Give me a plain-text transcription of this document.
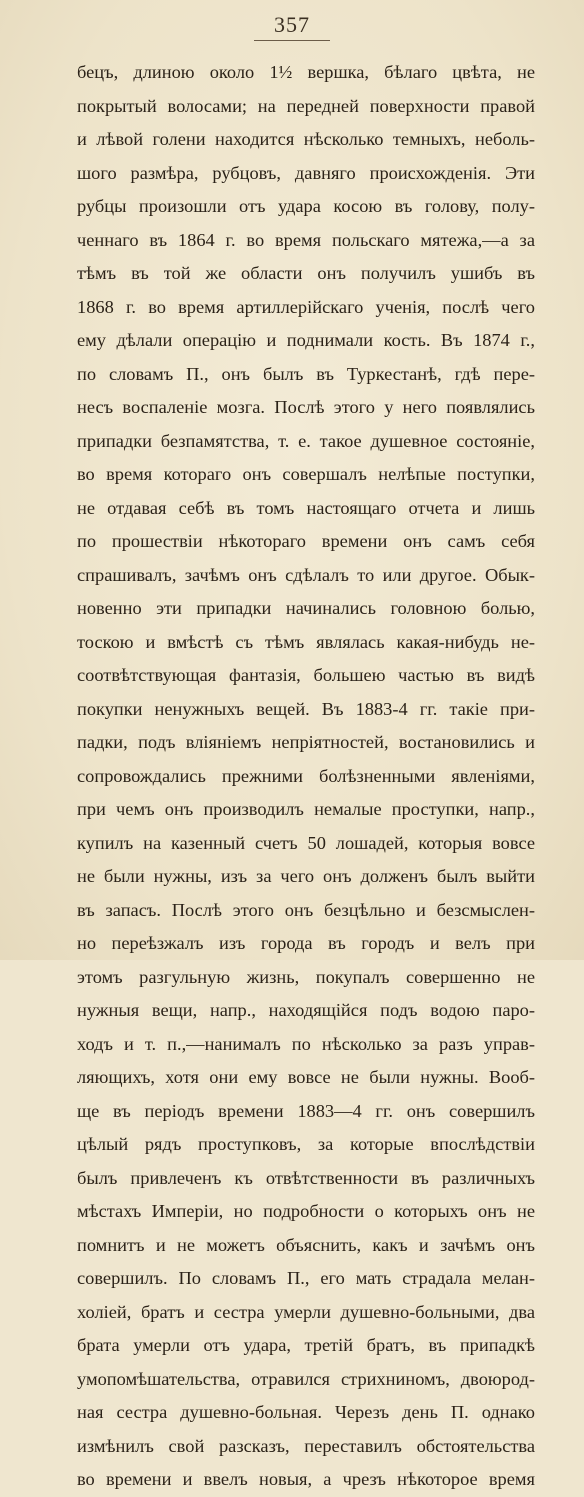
357
бецъ, длиною около 1½ вершка, бѣлаго цвѣта, не
покрытый волосами; на передней поверхности правой
и лѣвой голени находится нѣсколько темныхъ, неболь-
шого размѣра, рубцовъ, давняго происхожденія. Эти
рубцы произошли отъ удара косою въ голову, полу-
ченнаго въ 1864 г. во время польскаго мятежа,—а за
тѣмъ въ той же области онъ получилъ ушибъ въ
1868 г. во время артиллерійскаго ученія, послѣ чего
ему дѣлали операцію и поднимали кость. Въ 1874 г.,
по словамъ П., онъ былъ въ Туркестанѣ, гдѣ пере-
несъ воспаленіе мозга. Послѣ этого у него появлялись
припадки безпамятства, т. е. такое душевное состояніе,
во время котораго онъ совершалъ нелѣпые поступки,
не отдавая себѣ въ томъ настоящаго отчета и лишь
по прошествіи нѣкотораго времени онъ самъ себя
спрашивалъ, зачѣмъ онъ сдѣлалъ то или другое. Обык-
новенно эти припадки начинались головною болью,
тоскою и вмѣстѣ съ тѣмъ являлась какая-нибудь не-
соотвѣтствующая фантазія, большею частью въ видѣ
покупки ненужныхъ вещей. Въ 1883-4 гг. такіе при-
падки, подъ вліяніемъ непріятностей, востановились и
сопровождались прежними болѣзненными явленіями,
при чемъ онъ производилъ немалые проступки, напр.,
купилъ на казенный счетъ 50 лошадей, которыя вовсе
не были нужны, изъ за чего онъ долженъ былъ выйти
въ запасъ. Послѣ этого онъ безцѣльно и безсмыслен-
но переѣзжалъ изъ города въ городъ и велъ при
этомъ разгульную жизнь, покупалъ совершенно не
нужныя вещи, напр., находящійся подъ водою паро-
ходъ и т. п.,—нанималъ по нѣсколько за разъ управ-
ляющихъ, хотя они ему вовсе не были нужны. Вооб-
ще въ періодъ времени 1883—4 гг. онъ совершилъ
цѣлый рядъ проступковъ, за которые впослѣдствіи
былъ привлеченъ къ отвѣтственности въ различныхъ
мѣстахъ Имперіи, но подробности о которыхъ онъ не
помнитъ и не можетъ объяснить, какъ и зачѣмъ онъ
совершилъ. По словамъ П., его мать страдала мелан-
холіей, братъ и сестра умерли душевно-больными, два
брата умерли отъ удара, третій братъ, въ припадкѣ
умопомѣшательства, отравился стрихниномъ, двоюрод-
ная сестра душевно-больная. Черезъ день П. однако
измѣнилъ свой разсказъ, переставилъ обстоятельства
во времени и ввелъ новыя, а чрезъ нѣкоторое время
